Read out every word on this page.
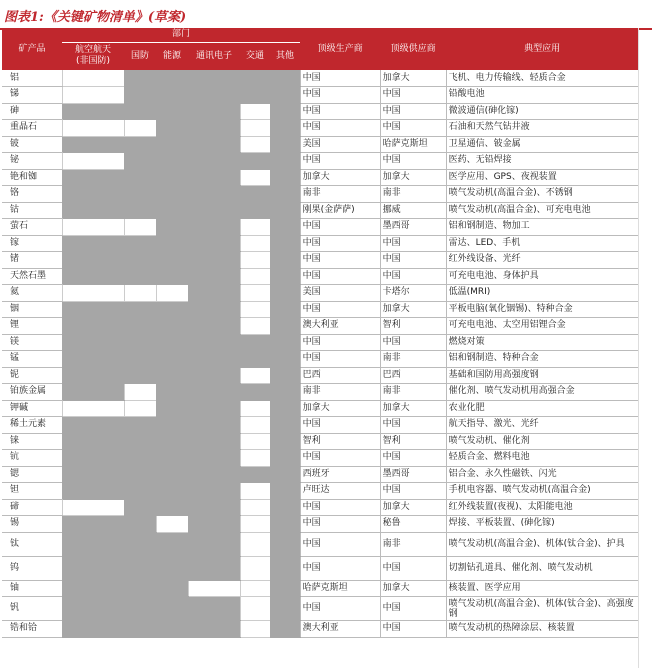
图表1:《关键矿物清单》(草案)
矿产品	部门						顶级生产商	顶级供应商	典型应用
	航空航天
(非国防)	国防	能源	通讯电子	交通	其他			
铝							中国	加拿大	飞机、电力传输线、轻质合金
锑							中国	中国	铅酸电池
砷							中国	中国	微波通信(砷化镓)
重晶石							中国	中国	石油和天然气钻井液
铍							美国	哈萨克斯坦	卫星通信、铍金属
铋							中国	中国	医药、无铅焊接
铯和铷							加拿大	加拿大	医学应用、GPS、夜视装置
铬							南非	南非	喷气发动机(高温合金)、不锈钢
钴							刚果(金萨萨)	挪威	喷气发动机(高温合金)、可充电电池
萤石							中国	墨西哥	铝和钢制造、物加工
镓							中国	中国	雷达、LED、手机
锗							中国	中国	红外线设备、光纤
天然石墨							中国	中国	可充电电池、身体护具
氦							美国	卡塔尔	低温(MRI)
铟							中国	加拿大	平板电脑(氧化铟锡)、特种合金
锂							澳大利亚	智利	可充电电池、太空用铝锂合金
镁							中国	中国	燃烧对策
锰							中国	南非	铝和钢制造、特种合金
铌							巴西	巴西	基础和国防用高强度钢
铂族金属							南非	南非	催化剂、喷气发动机用高强合金
钾碱							加拿大	加拿大	农业化肥
稀土元素							中国	中国	航天指导、激光、光纤
铼							智利	智利	喷气发动机、催化剂
钪							中国	中国	轻质合金、燃料电池
锶							西班牙	墨西哥	铝合金、永久性磁铁、闪光
钽							卢旺达	中国	手机电容器、喷气发动机(高温合金)
碲							中国	加拿大	红外线装置(夜视)、太阳能电池
锡							中国	秘鲁	焊接、平板装置、(砷化镓)
钛							中国	南非	喷气发动机(高温合金)、机体(钛合金)、护具
钨							中国	中国	切割钻孔道具、催化剂、喷气发动机
铀							哈萨克斯坦	加拿大	核装置、医学应用
钒							中国	中国	喷气发动机(高温合金)、机体(钛合金)、高强度钢
锆和铪							澳大利亚	中国	喷气发动机的热障涂层、核装置
